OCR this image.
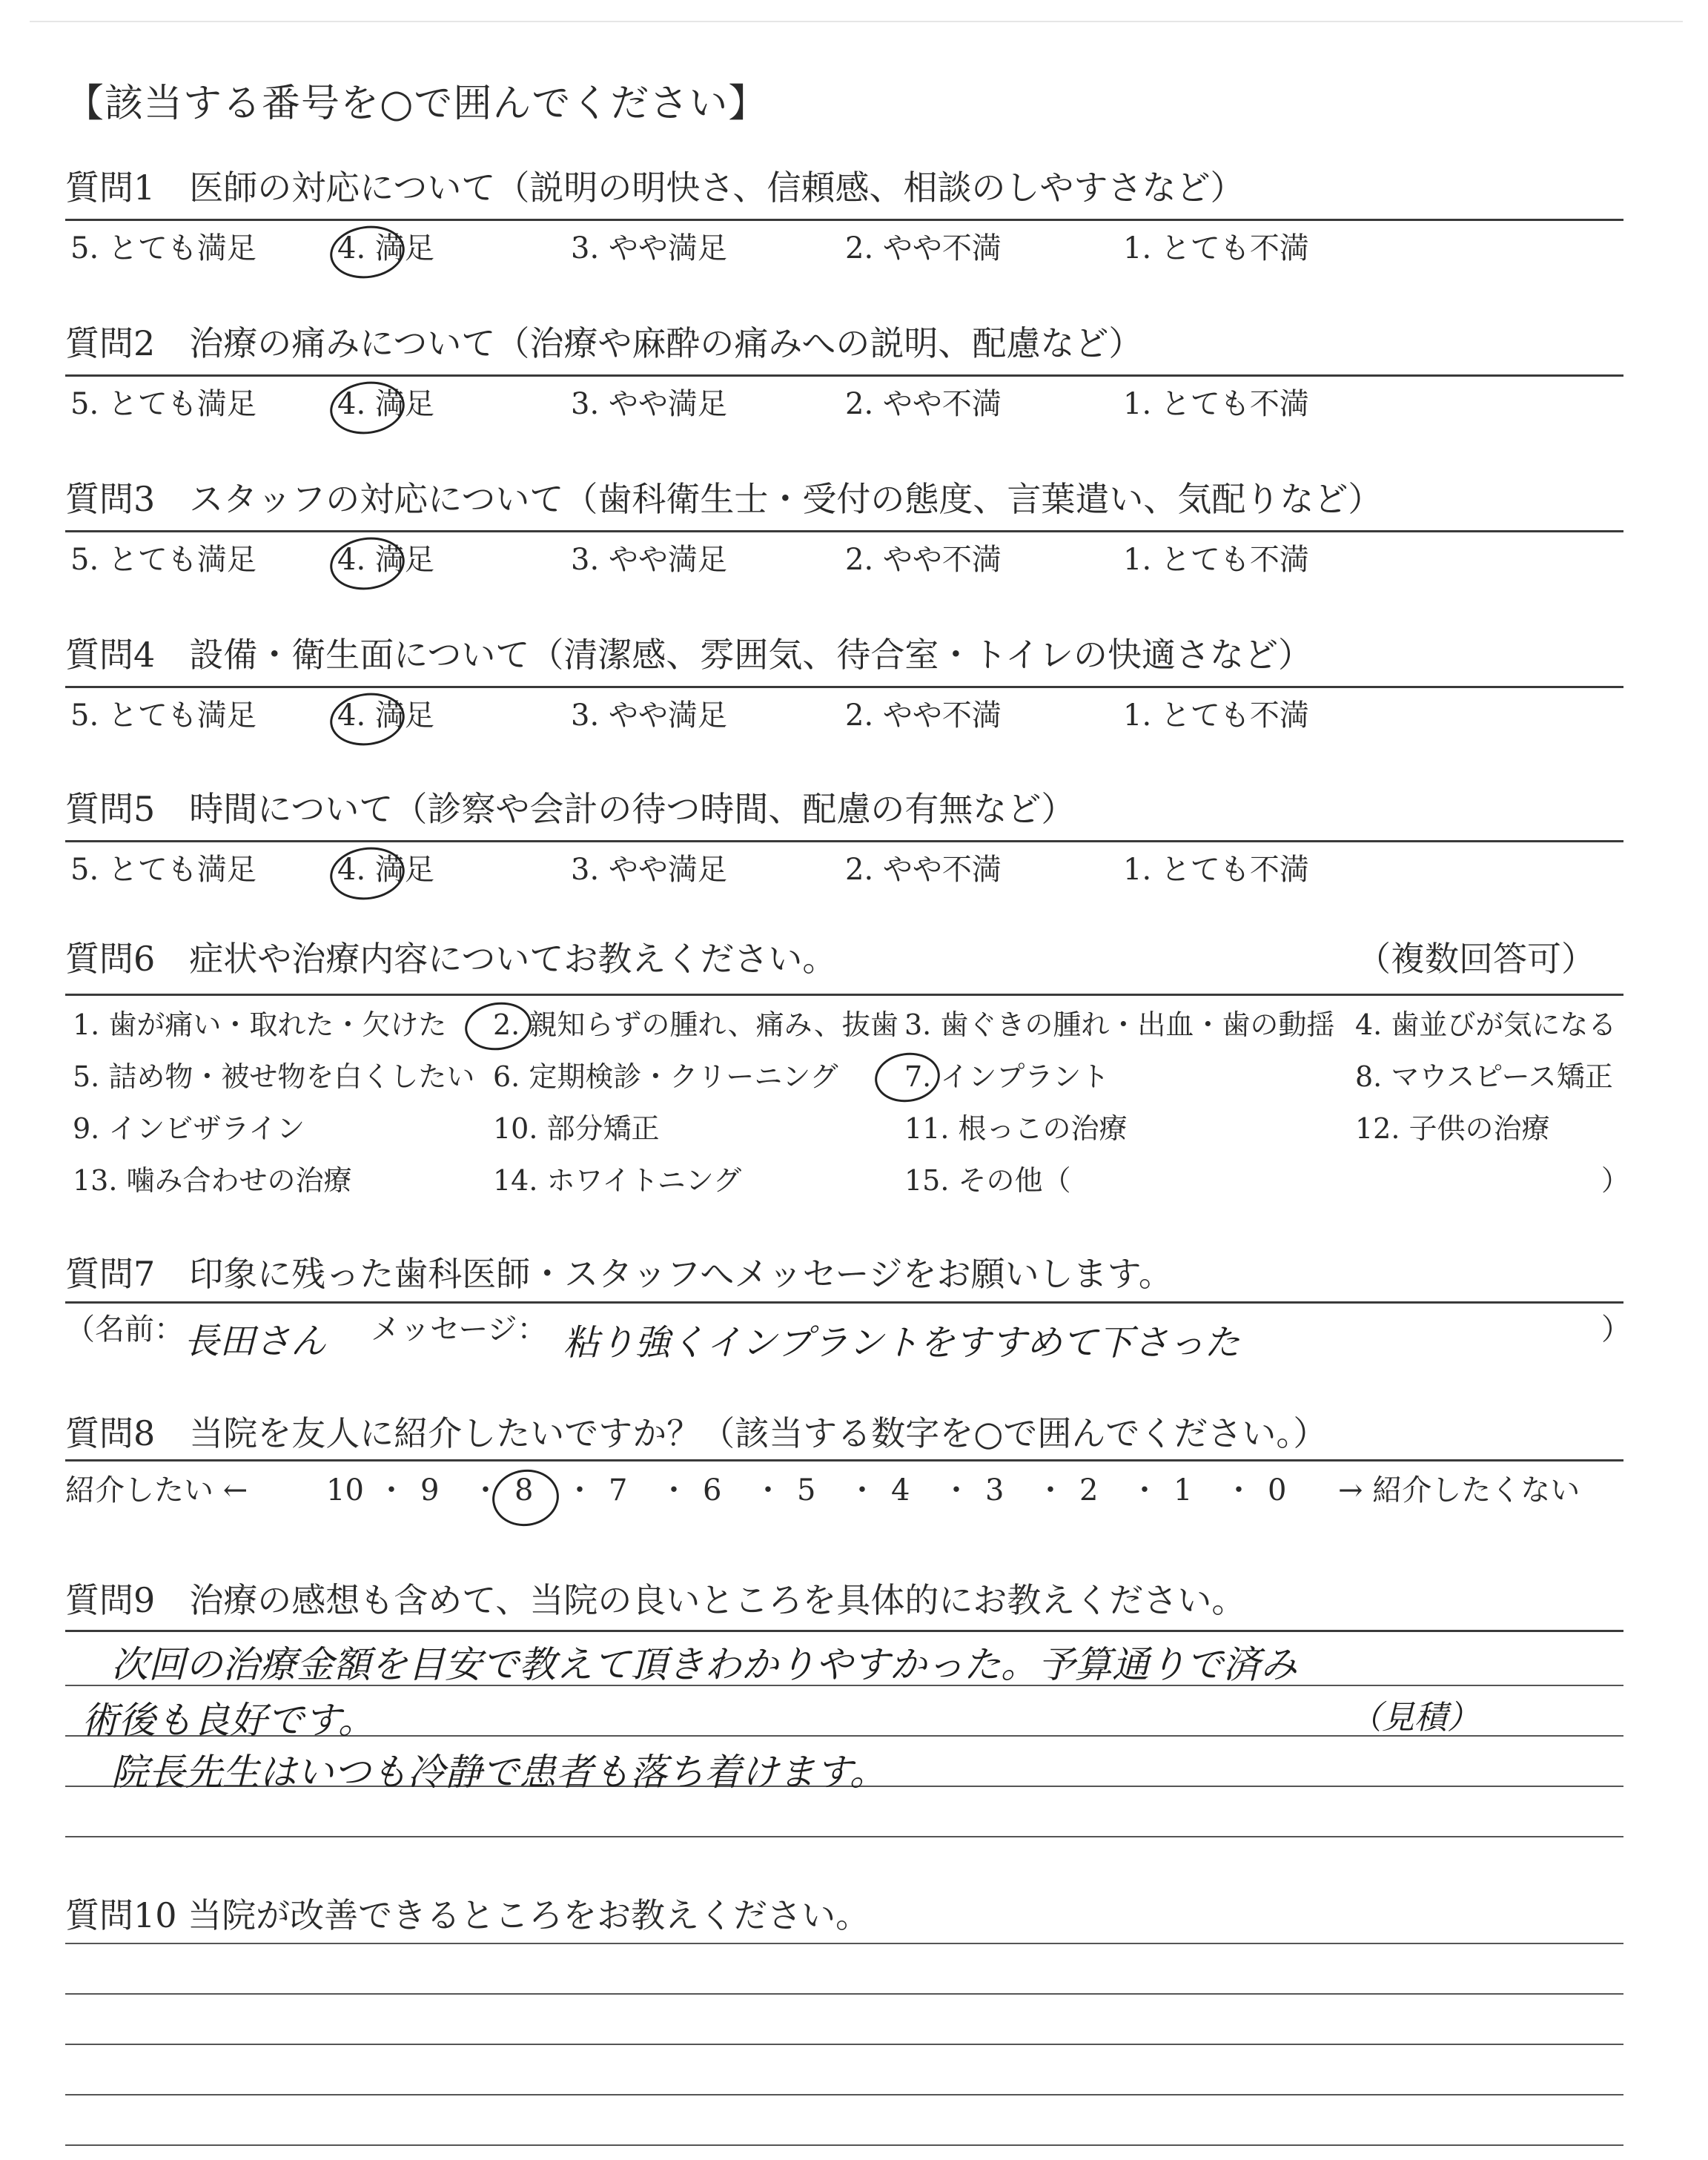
【該当する番号を○で囲んでください】
質問1　医師の対応について（説明の明快さ、信頼感、相談のしやすさなど）
5. とても満足	4. 満足	3. やや満足	2. やや不満	1. とても不満
質問2　治療の痛みについて（治療や麻酔の痛みへの説明、配慮など）
5. とても満足	4. 満足	3. やや満足	2. やや不満	1. とても不満
質問3　スタッフの対応について（歯科衛生士・受付の態度、言葉遣い、気配りなど）
5. とても満足	4. 満足	3. やや満足	2. やや不満	1. とても不満
質問4　設備・衛生面について（清潔感、雰囲気、待合室・トイレの快適さなど）
5. とても満足	4. 満足	3. やや満足	2. やや不満	1. とても不満
質問5　時間について（診察や会計の待つ時間、配慮の有無など）
5. とても満足	4. 満足	3. やや満足	2. やや不満	1. とても不満
質問6　症状や治療内容についてお教えください。	（複数回答可）
1. 歯が痛い・取れた・欠けた 2. 親知らずの腫れ、痛み、抜歯 3. 歯ぐきの腫れ・出血・歯の動揺 4. 歯並びが気になる
5. 詰め物・被せ物を白くしたい 6. 定期検診・クリーニング 7. インプラント	8. マウスピース矯正
9. インビザライン	10. 部分矯正	11. 根っこの治療	12. 子供の治療
13. 噛み合わせの治療	14. ホワイトニング	15. その他（	）
質問7　印象に残った歯科医師・スタッフへメッセージをお願いします。
（名前： 長田さん メッセージ： 粘り強くインプラントをすすめて下さった	）
質問8　当院を友人に紹介したいですか？（該当する数字を○で囲んでください。）
紹介したい ←	→ 紹介したくない
10 ・ 9 ・ 8 ・ 7 ・ 6 ・ 5 ・ 4 ・ 3 ・ 2 ・ 1 ・ 0
質問9　治療の感想も含めて、当院の良いところを具体的にお教えください。
次回の治療金額を目安で教えて頂きわかりやすかった。予算通りで済み
術後も良好です。	（見積）
院長先生はいつも冷静で患者も落ち着けます。
質問10 当院が改善できるところをお教えください。
